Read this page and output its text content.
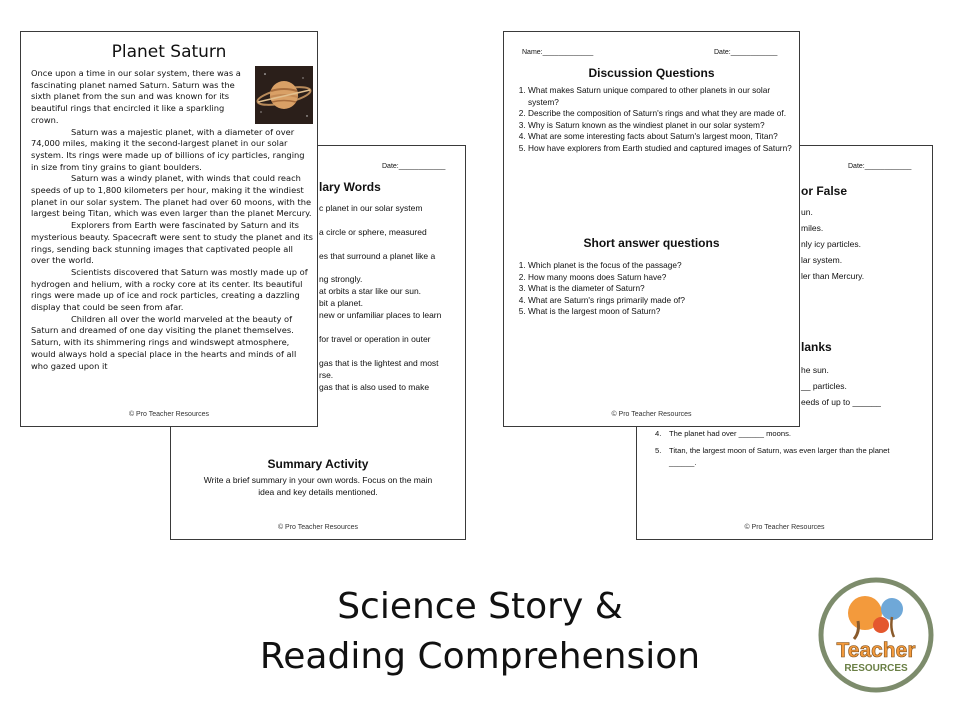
Date:____________
lary Words
c planet in our solar system
a circle or sphere, measured
es that surround a planet like a
ng strongly.
at orbits a star like our sun.
bit a planet.
new or unfamiliar places to learn
for travel or operation in outer
gas that is the lightest and most
rse.
gas that is also used to make
Summary Activity
Write a brief summary in your own words. Focus on the main idea and key details mentioned.
© Pro Teacher Resources
Date:____________
or False
un.
miles.
nly icy particles.
lar system.
ler than Mercury.
lanks
he sun.
__ particles.
eeds of up to ______
4.	The planet had over ______ moons.
5.	Titan, the largest moon of Saturn, was even larger than the planet ______.
© Pro Teacher Resources
Planet Saturn

Once upon a time in our solar system, there was a fascinating planet named Saturn. Saturn was the sixth planet from the sun and was known for its beautiful rings that encircled it like a sparkling crown.

Saturn was a majestic planet, with a diameter of over 74,000 miles, making it the second-largest planet in our solar system. Its rings were made up of billions of icy particles, ranging in size from tiny grains to giant boulders.

Saturn was a windy planet, with winds that could reach speeds of up to 1,800 kilometers per hour, making it the windiest planet in our solar system. The planet had over 60 moons, with the largest being Titan, which was even larger than the planet Mercury.

Explorers from Earth were fascinated by Saturn and its mysterious beauty. Spacecraft were sent to study the planet and its rings, sending back stunning images that captivated people all over the world.

Scientists discovered that Saturn was mostly made up of hydrogen and helium, with a rocky core at its center. Its beautiful rings were made up of ice and rock particles, creating a dazzling display that could be seen from afar.

Children all over the world marveled at the beauty of Saturn and dreamed of one day visiting the planet themselves. Saturn, with its shimmering rings and windswept atmosphere, would always hold a special place in the hearts and minds of all who gazed upon it

© Pro Teacher Resources
Name:_____________	Date:____________
Discussion Questions
1. What makes Saturn unique compared to other planets in our solar system?
2. Describe the composition of Saturn's rings and what they are made of.
3. Why is Saturn known as the windiest planet in our solar system?
4. What are some interesting facts about Saturn's largest moon, Titan?
5. How have explorers from Earth studied and captured images of Saturn?
Short answer questions
1. Which planet is the focus of the passage?
2. How many moons does Saturn have?
3. What is the diameter of Saturn?
4. What are Saturn's rings primarily made of?
5. What is the largest moon of Saturn?
© Pro Teacher Resources
Science Story &
Reading Comprehension	Teacher
RESOURCES
